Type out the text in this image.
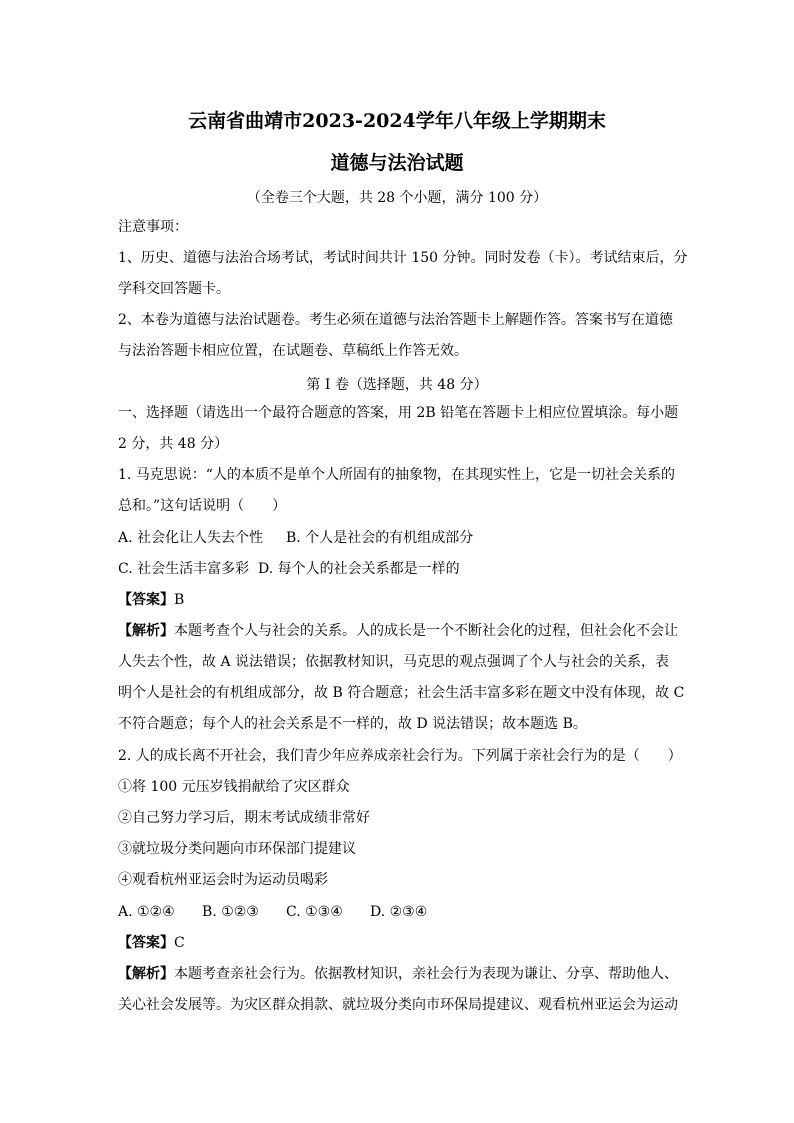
云南省曲靖市2023-2024学年八年级上学期期末
道德与法治试题
（全卷三个大题，共 28 个小题，满分 100 分）
注意事项：
1、历史、道德与法治合场考试，考试时间共计 150 分钟。同时发卷（卡）。考试结束后，分
学科交回答题卡。
2、本卷为道德与法治试题卷。考生必须在道德与法治答题卡上解题作答。答案书写在道德
与法治答题卡相应位置，在试题卷、草稿纸上作答无效。
第 I 卷（选择题，共 48 分）
一、选择题（请选出一个最符合题意的答案，用 2B 铅笔在答题卡上相应位置填涂。每小题
2 分，共 48 分）
1. 马克思说：“人的本质不是单个人所固有的抽象物，在其现实性上，它是一切社会关系的
总和。”这句话说明（　　）
A. 社会化让人失去个性 B. 个人是社会的有机组成部分
C. 社会生活丰富多彩 D. 每个人的社会关系都是一样的
【答案】B
【解析】本题考查个人与社会的关系。人的成长是一个不断社会化的过程，但社会化不会让
人失去个性，故 A 说法错误；依据教材知识，马克思的观点强调了个人与社会的关系，表
明个人是社会的有机组成部分，故 B 符合题意；社会生活丰富多彩在题文中没有体现，故 C
不符合题意；每个人的社会关系是不一样的，故 D 说法错误；故本题选 B。
2. 人的成长离不开社会，我们青少年应养成亲社会行为。下列属于亲社会行为的是（　　）
①将 100 元压岁钱捐献给了灾区群众
②自己努力学习后，期末考试成绩非常好
③就垃圾分类问题向市环保部门提建议
④观看杭州亚运会时为运动员喝彩
A. ①②④ B. ①②③ C. ①③④ D. ②③④
【答案】C
【解析】本题考查亲社会行为。依据教材知识，亲社会行为表现为谦让、分享、帮助他人、
关心社会发展等。为灾区群众捐款、就垃圾分类向市环保局提建议、观看杭州亚运会为运动
